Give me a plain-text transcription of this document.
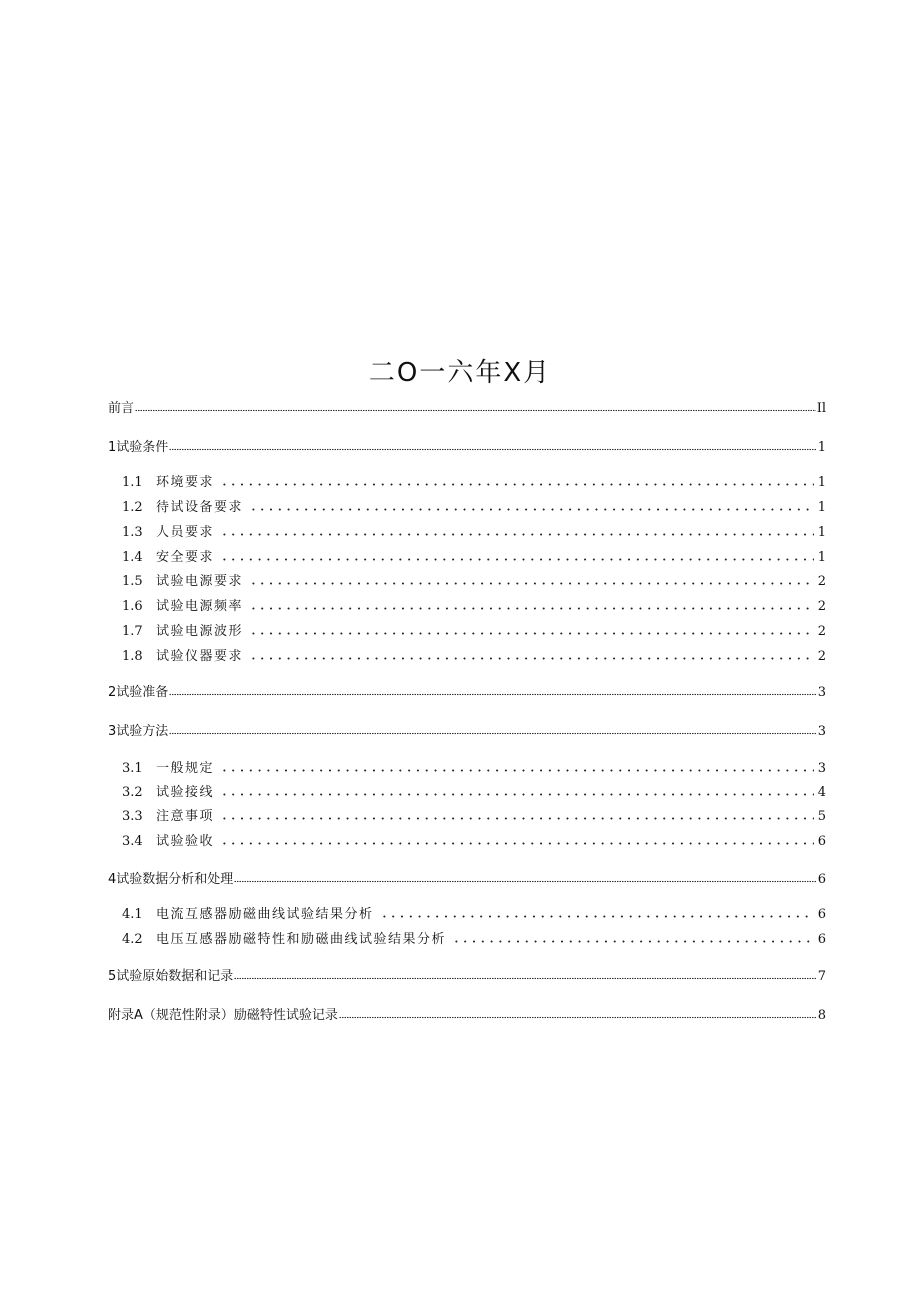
二O一六年X月
前言	Il
1试验条件	1
1.1	环境要求	1
1.2	待试设备要求	1
1.3	人员要求	1
1.4	安全要求	1
1.5	试验电源要求	2
1.6	试验电源频率	2
1.7	试验电源波形	2
1.8	试验仪器要求	2
2试验准备	3
3试验方法	3
3.1	一般规定	3
3.2	试验接线	4
3.3	注意事项	5
3.4	试验验收	6
4试验数据分析和处理	6
4.1	电流互感器励磁曲线试验结果分析	6
4.2	电压互感器励磁特性和励磁曲线试验结果分析	6
5试验原始数据和记录	7
附录A（规范性附录）励磁特性试验记录	8
